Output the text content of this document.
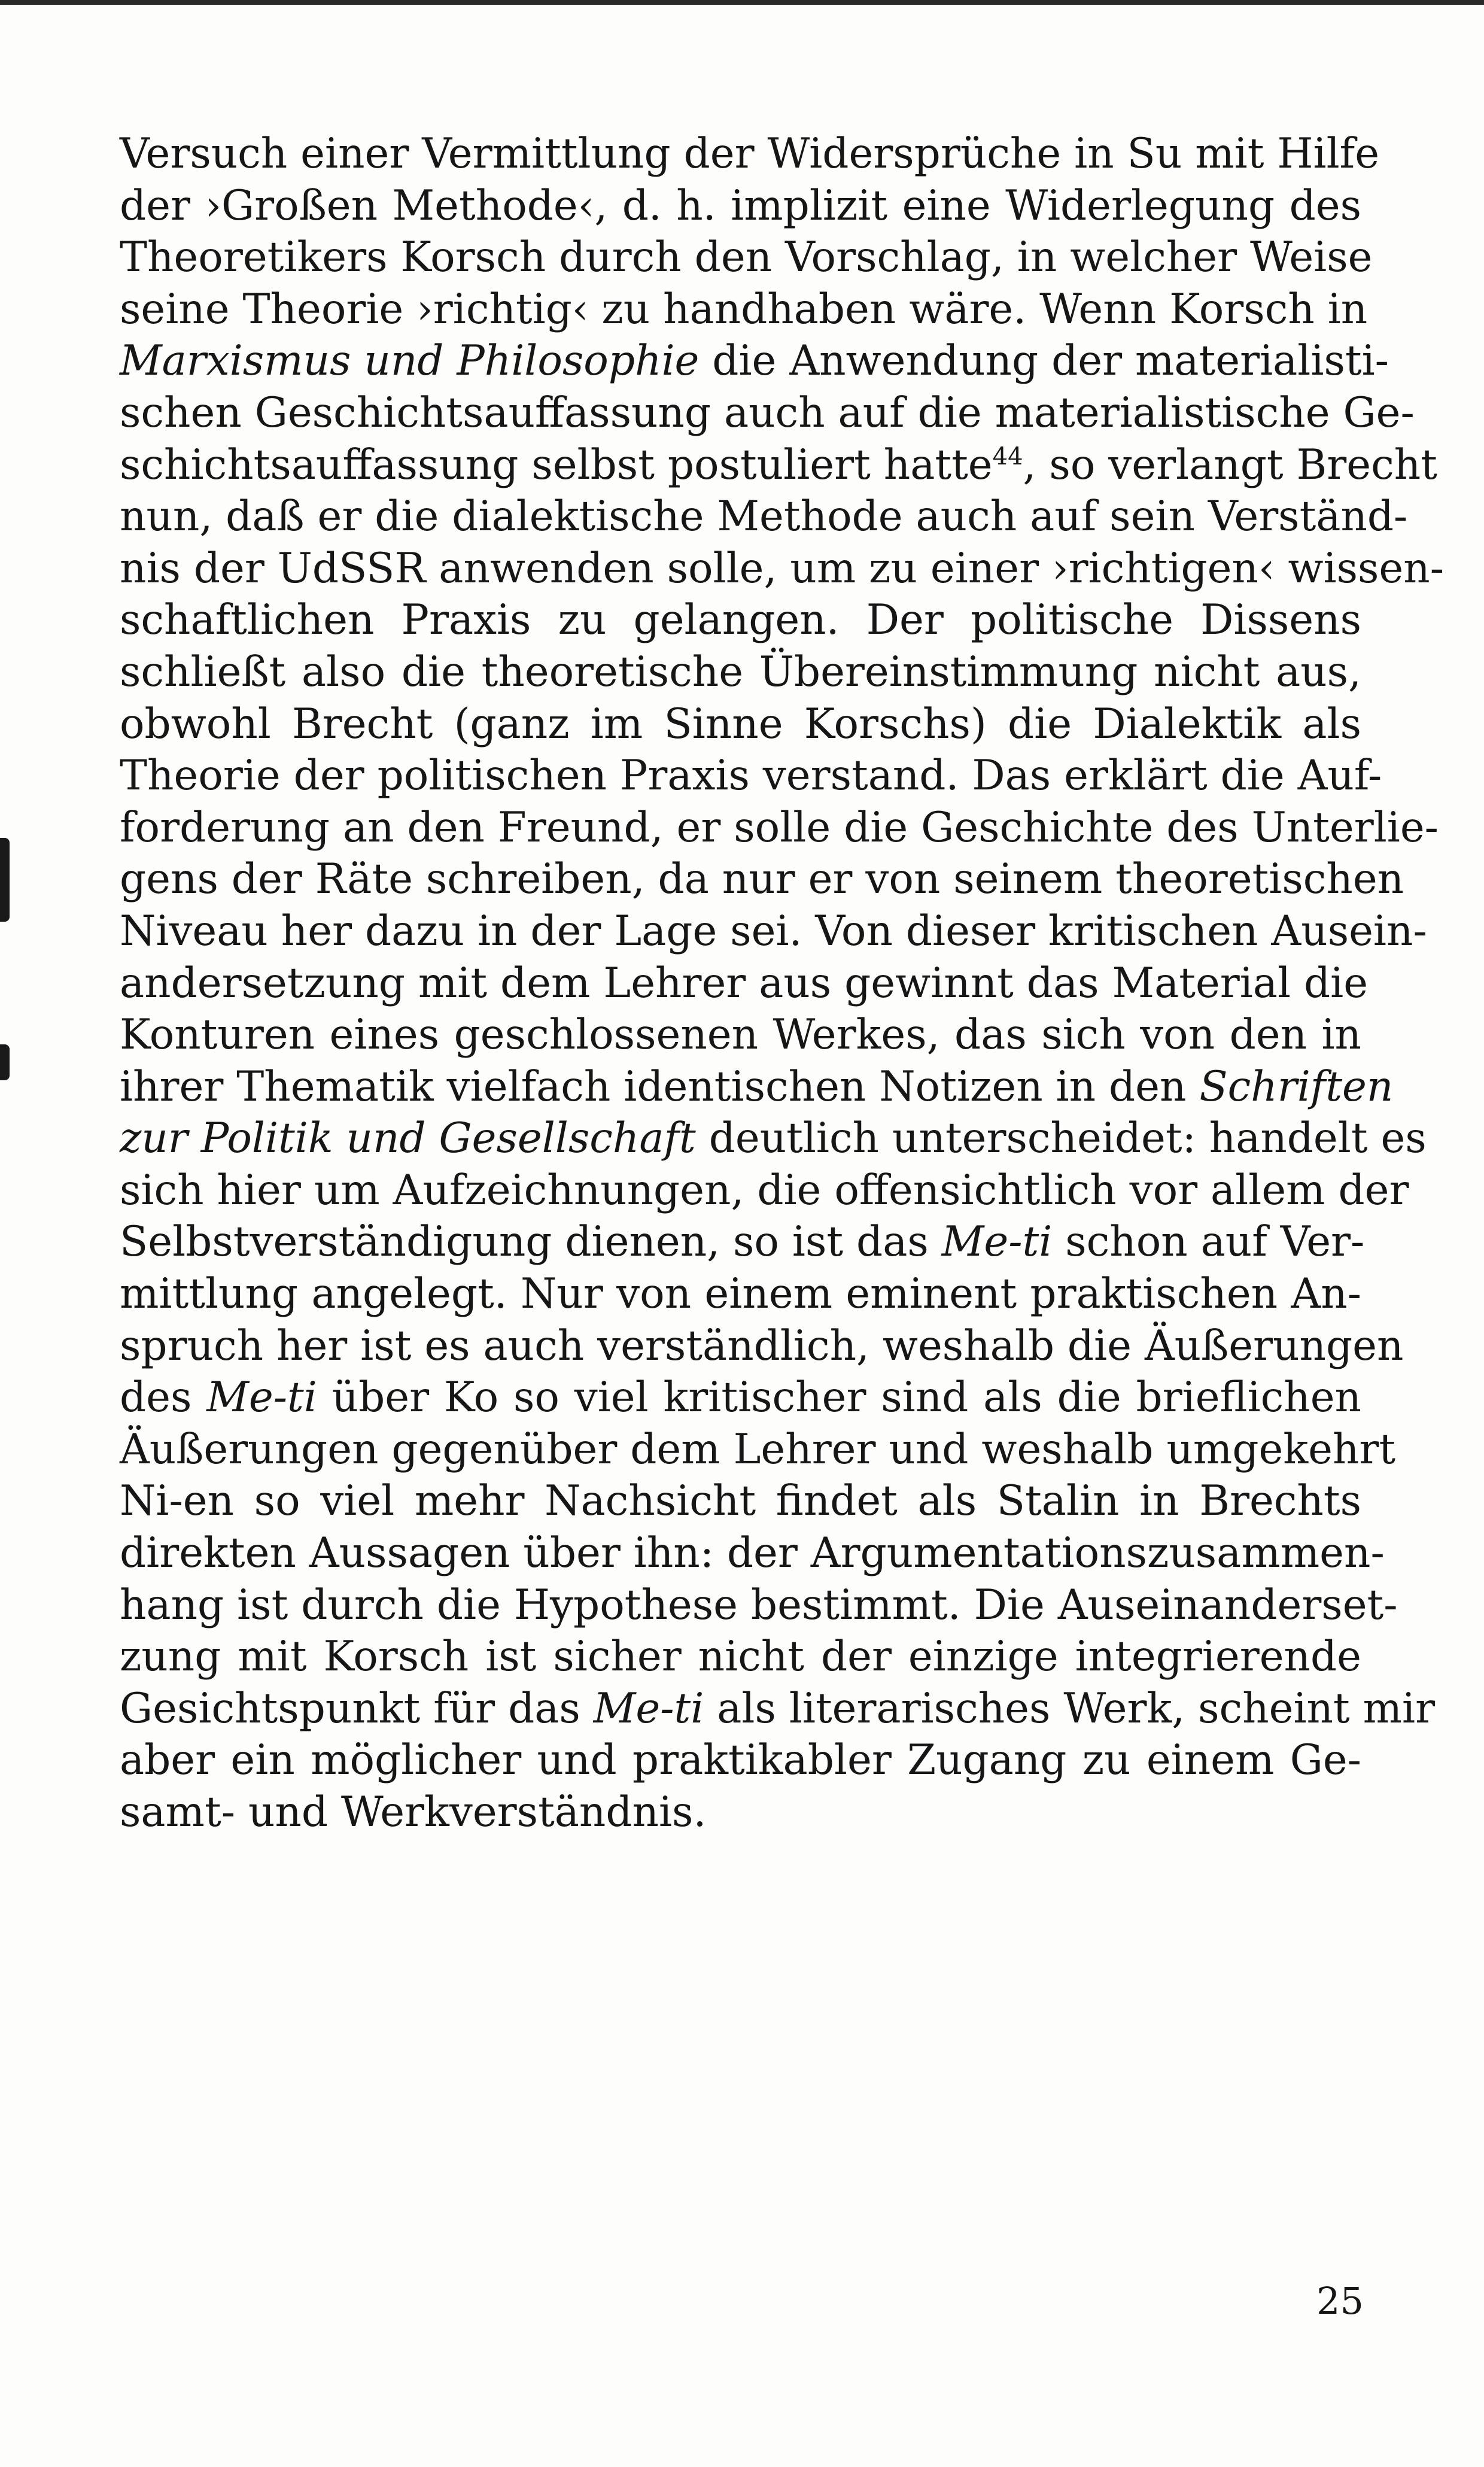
Versuch einer Vermittlung der Widersprüche in Su mit Hilfe
der ›Großen Methode‹, d. h. implizit eine Widerlegung des
Theoretikers Korsch durch den Vorschlag, in welcher Weise
seine Theorie ›richtig‹ zu handhaben wäre. Wenn Korsch in
Marxismus und Philosophie die Anwendung der materialisti-
schen Geschichtsauffassung auch auf die materialistische Ge-
schichtsauffassung selbst postuliert hatte$^{44}$, so verlangt Brecht
nun, daß er die dialektische Methode auch auf sein Verständ-
nis der UdSSR anwenden solle, um zu einer ›richtigen‹ wissen-
schaftlichen Praxis zu gelangen. Der politische Dissens
schließt also die theoretische Übereinstimmung nicht aus,
obwohl Brecht (ganz im Sinne Korschs) die Dialektik als
Theorie der politischen Praxis verstand. Das erklärt die Auf-
forderung an den Freund, er solle die Geschichte des Unterlie-
gens der Räte schreiben, da nur er von seinem theoretischen
Niveau her dazu in der Lage sei. Von dieser kritischen Ausein-
andersetzung mit dem Lehrer aus gewinnt das Material die
Konturen eines geschlossenen Werkes, das sich von den in
ihrer Thematik vielfach identischen Notizen in den Schriften
zur Politik und Gesellschaft deutlich unterscheidet: handelt es
sich hier um Aufzeichnungen, die offensichtlich vor allem der
Selbstverständigung dienen, so ist das Me-ti schon auf Ver-
mittlung angelegt. Nur von einem eminent praktischen An-
spruch her ist es auch verständlich, weshalb die Äußerungen
des Me-ti über Ko so viel kritischer sind als die brieflichen
Äußerungen gegenüber dem Lehrer und weshalb umgekehrt
Ni-en so viel mehr Nachsicht findet als Stalin in Brechts
direkten Aussagen über ihn: der Argumentationszusammen-
hang ist durch die Hypothese bestimmt. Die Auseinanderset-
zung mit Korsch ist sicher nicht der einzige integrierende
Gesichtspunkt für das Me-ti als literarisches Werk, scheint mir
aber ein möglicher und praktikabler Zugang zu einem Ge-
samt- und Werkverständnis.
25
